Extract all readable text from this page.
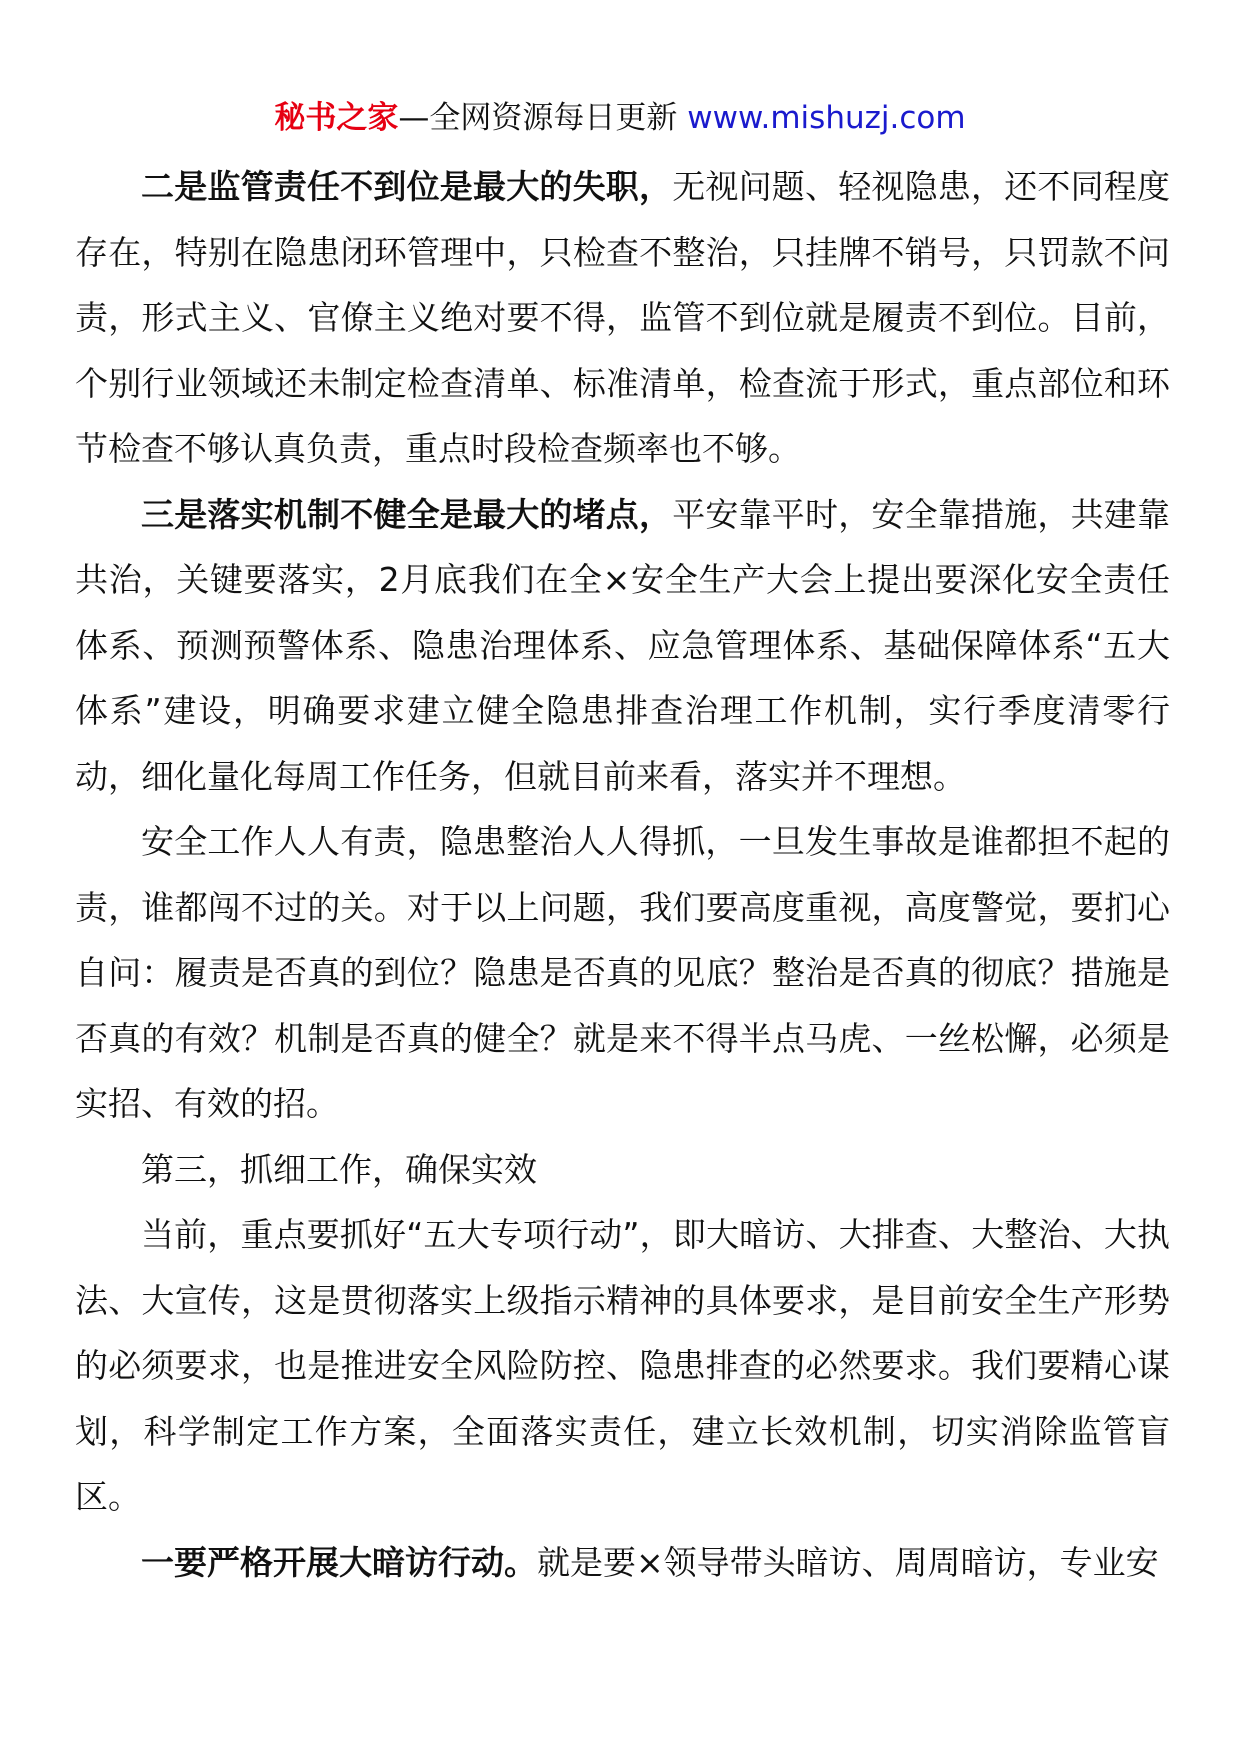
秘书之家—全网资源每日更新 www.mishuzj.com

二是监管责任不到位是最大的失职，无视问题、轻视隐患，还不同程度存在，特别在隐患闭环管理中，只检查不整治，只挂牌不销号，只罚款不问责，形式主义、官僚主义绝对要不得，监管不到位就是履责不到位。目前，个别行业领域还未制定检查清单、标准清单，检查流于形式，重点部位和环节检查不够认真负责，重点时段检查频率也不够。

三是落实机制不健全是最大的堵点，平安靠平时，安全靠措施，共建靠共治，关键要落实，2月底我们在全×安全生产大会上提出要深化安全责任体系、预测预警体系、隐患治理体系、应急管理体系、基础保障体系“五大体系”建设，明确要求建立健全隐患排查治理工作机制，实行季度清零行动，细化量化每周工作任务，但就目前来看，落实并不理想。

安全工作人人有责，隐患整治人人得抓，一旦发生事故是谁都担不起的责，谁都闯不过的关。对于以上问题，我们要高度重视，高度警觉，要扪心自问：履责是否真的到位？隐患是否真的见底？整治是否真的彻底？措施是否真的有效？机制是否真的健全？就是来不得半点马虎、一丝松懈，必须是实招、有效的招。

第三，抓细工作，确保实效

当前，重点要抓好“五大专项行动”，即大暗访、大排查、大整治、大执法、大宣传，这是贯彻落实上级指示精神的具体要求，是目前安全生产形势的必须要求，也是推进安全风险防控、隐患排查的必然要求。我们要精心谋划，科学制定工作方案，全面落实责任，建立长效机制，切实消除监管盲区。

一要严格开展大暗访行动。就是要×领导带头暗访、周周暗访，专业安
